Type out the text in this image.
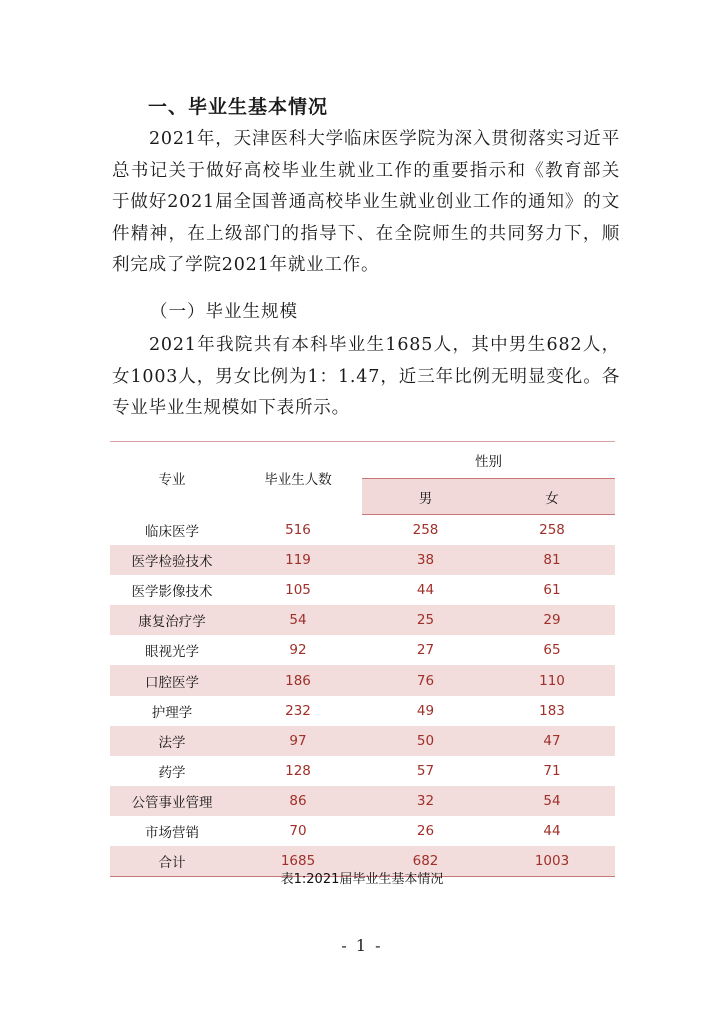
一、毕业生基本情况
2021年，天津医科大学临床医学院为深入贯彻落实习近平总书记关于做好高校毕业生就业工作的重要指示和《教育部关于做好2021届全国普通高校毕业生就业创业工作的通知》的文件精神，在上级部门的指导下、在全院师生的共同努力下，顺利完成了学院2021年就业工作。
（一）毕业生规模
2021年我院共有本科毕业生1685人，其中男生682人，女1003人，男女比例为1：1.47，近三年比例无明显变化。各专业毕业生规模如下表所示。
专业	毕业生人数	性别	
		男	女
临床医学	516	258	258
医学检验技术	119	38	81
医学影像技术	105	44	61
康复治疗学	54	25	29
眼视光学	92	27	65
口腔医学	186	76	110
护理学	232	49	183
法学	97	50	47
药学	128	57	71
公管事业管理	86	32	54
市场营销	70	26	44
合计	1685	682	1003
表1:2021届毕业生基本情况
- 1 -
